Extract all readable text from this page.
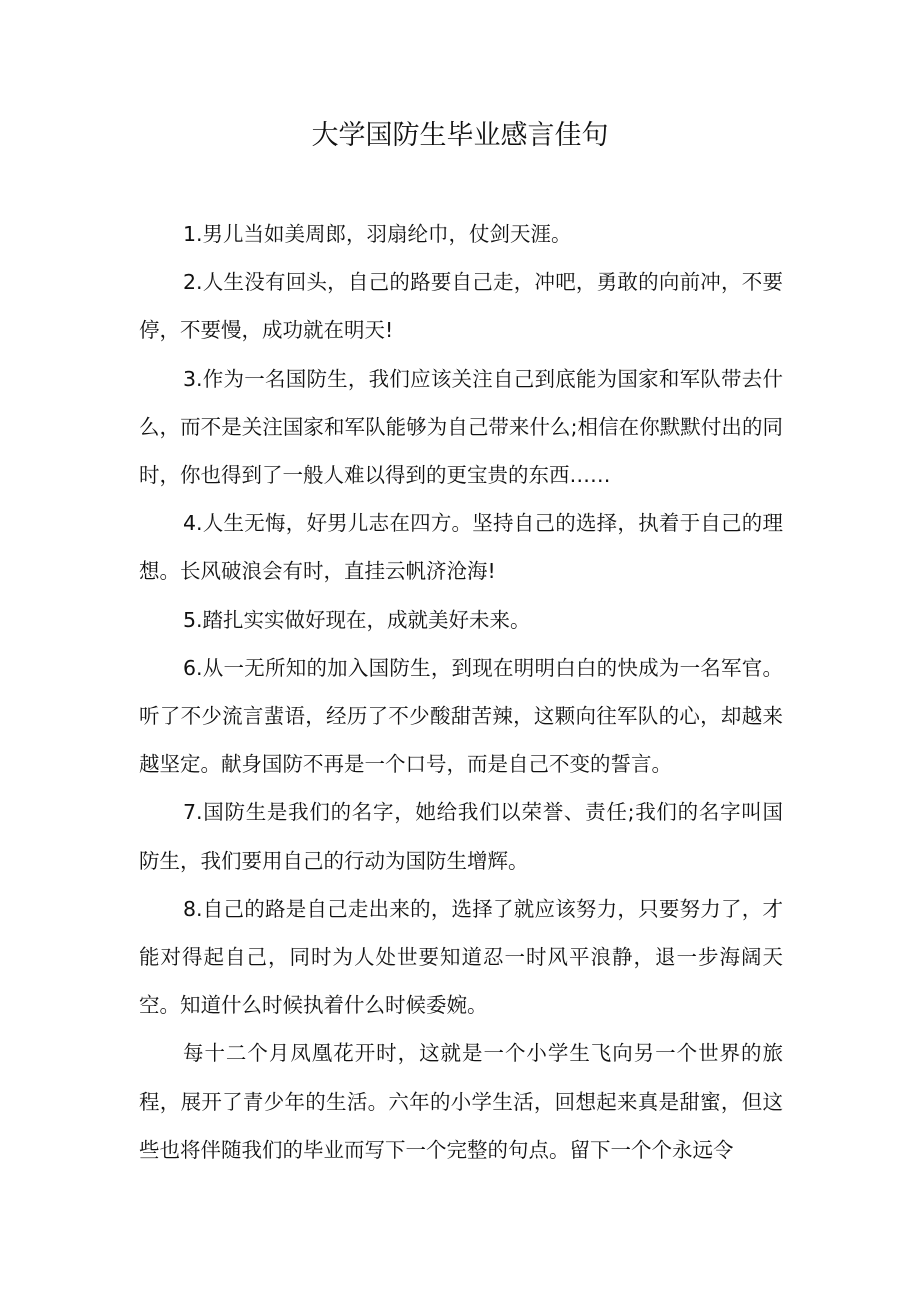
大学国防生毕业感言佳句

1.男儿当如美周郎，羽扇纶巾，仗剑天涯。

2.人生没有回头，自己的路要自己走，冲吧，勇敢的向前冲，不要停，不要慢，成功就在明天!

3.作为一名国防生，我们应该关注自己到底能为国家和军队带去什么，而不是关注国家和军队能够为自己带来什么;相信在你默默付出的同时，你也得到了一般人难以得到的更宝贵的东西……

4.人生无悔，好男儿志在四方。坚持自己的选择，执着于自己的理想。长风破浪会有时，直挂云帆济沧海!

5.踏扎实实做好现在，成就美好未来。

6.从一无所知的加入国防生，到现在明明白白的快成为一名军官。听了不少流言蜚语，经历了不少酸甜苦辣，这颗向往军队的心，却越来越坚定。献身国防不再是一个口号，而是自己不变的誓言。

7.国防生是我们的名字，她给我们以荣誉、责任;我们的名字叫国防生，我们要用自己的行动为国防生增辉。

8.自己的路是自己走出来的，选择了就应该努力，只要努力了，才能对得起自己，同时为人处世要知道忍一时风平浪静，退一步海阔天空。知道什么时候执着什么时候委婉。

每十二个月凤凰花开时，这就是一个小学生飞向另一个世界的旅程，展开了青少年的生活。六年的小学生活，回想起来真是甜蜜，但这些也将伴随我们的毕业而写下一个完整的句点。留下一个个永远令
